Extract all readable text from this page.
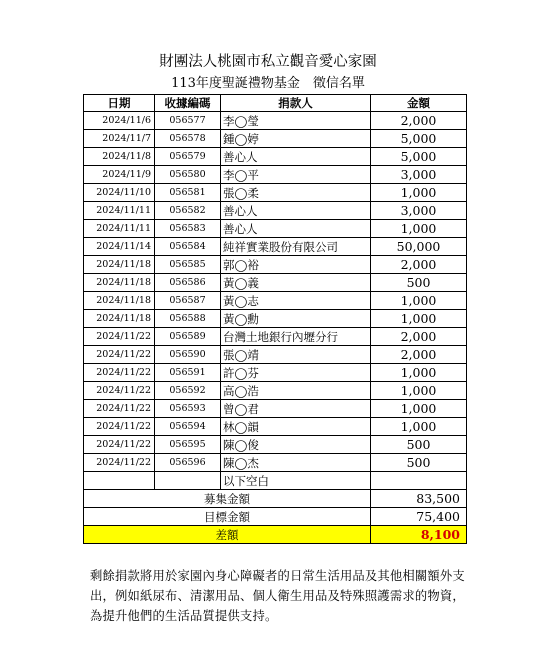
財團法人桃園市私立觀音愛心家園
113年度聖誕禮物基金　徵信名單
日期	收據編碼	捐款人	金額
2024/11/6	056577	李◯瑩	2,000
2024/11/7	056578	鍾◯婷	5,000
2024/11/8	056579	善心人	5,000
2024/11/9	056580	李◯平	3,000
2024/11/10	056581	張◯柔	1,000
2024/11/11	056582	善心人	3,000
2024/11/11	056583	善心人	1,000
2024/11/14	056584	純祥實業股份有限公司	50,000
2024/11/18	056585	郭◯裕	2,000
2024/11/18	056586	黃◯義	500
2024/11/18	056587	黃◯志	1,000
2024/11/18	056588	黃◯勳	1,000
2024/11/22	056589	台灣土地銀行內壢分行	2,000
2024/11/22	056590	張◯靖	2,000
2024/11/22	056591	許◯芬	1,000
2024/11/22	056592	高◯浩	1,000
2024/11/22	056593	曾◯君	1,000
2024/11/22	056594	林◯韻	1,000
2024/11/22	056595	陳◯俊	500
2024/11/22	056596	陳◯杰	500
		以下空白	
募集金額			83,500
目標金額			75,400
差額			8,100
剩餘捐款將用於家園內身心障礙者的日常生活用品及其他相關額外支出，例如紙尿布、清潔用品、個人衛生用品及特殊照護需求的物資，為提升他們的生活品質提供支持。
